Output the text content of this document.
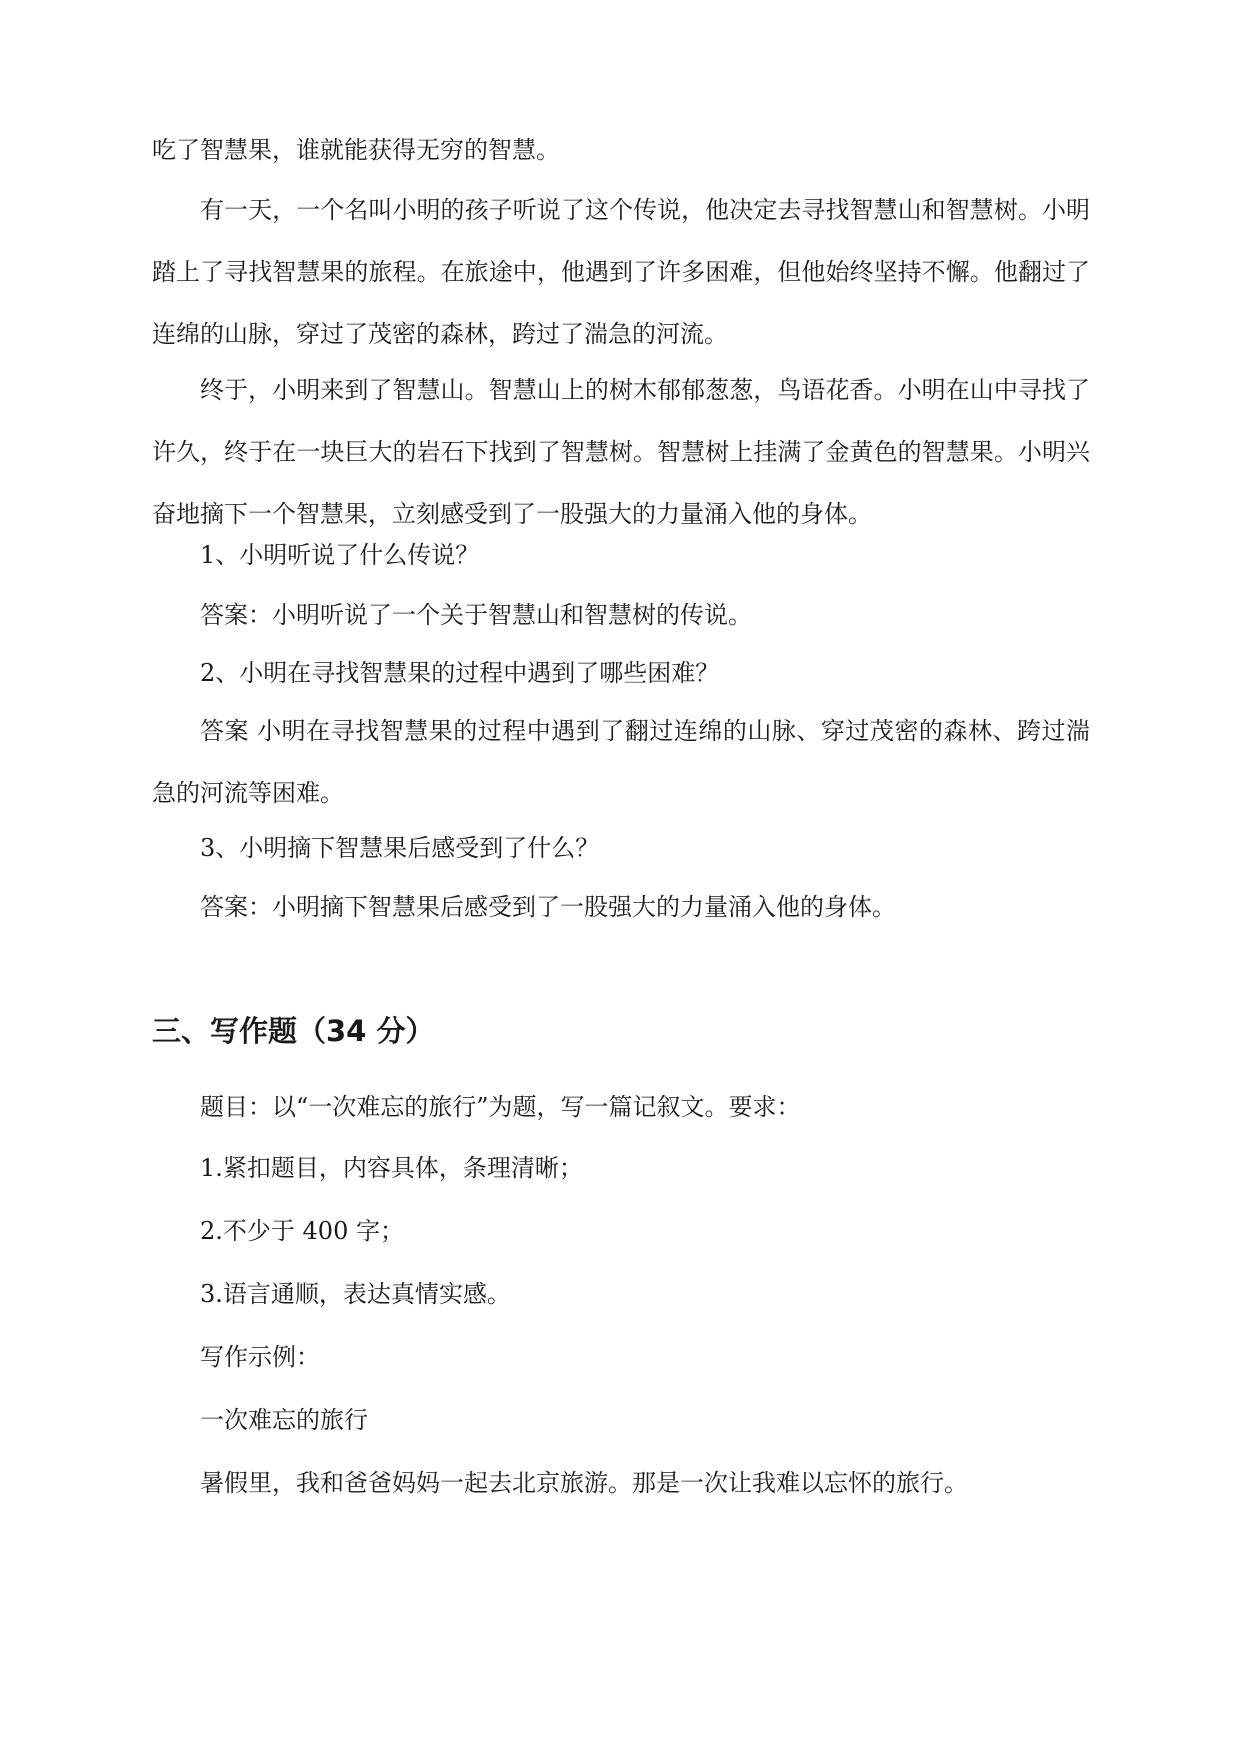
吃了智慧果，谁就能获得无穷的智慧。

有一天，一个名叫小明的孩子听说了这个传说，他决定去寻找智慧山和智慧树。小明踏上了寻找智慧果的旅程。在旅途中，他遇到了许多困难，但他始终坚持不懈。他翻过了连绵的山脉，穿过了茂密的森林，跨过了湍急的河流。

终于，小明来到了智慧山。智慧山上的树木郁郁葱葱，鸟语花香。小明在山中寻找了许久，终于在一块巨大的岩石下找到了智慧树。智慧树上挂满了金黄色的智慧果。小明兴奋地摘下一个智慧果，立刻感受到了一股强大的力量涌入他的身体。

1、小明听说了什么传说？

答案：小明听说了一个关于智慧山和智慧树的传说。

2、小明在寻找智慧果的过程中遇到了哪些困难？

答案 小明在寻找智慧果的过程中遇到了翻过连绵的山脉、穿过茂密的森林、跨过湍急的河流等困难。

3、小明摘下智慧果后感受到了什么？

答案：小明摘下智慧果后感受到了一股强大的力量涌入他的身体。

三、写作题（34 分）

题目：以“一次难忘的旅行”为题，写一篇记叙文。要求：

1.紧扣题目，内容具体，条理清晰；

2.不少于 400 字；

3.语言通顺，表达真情实感。

写作示例：

一次难忘的旅行

暑假里，我和爸爸妈妈一起去北京旅游。那是一次让我难以忘怀的旅行。
